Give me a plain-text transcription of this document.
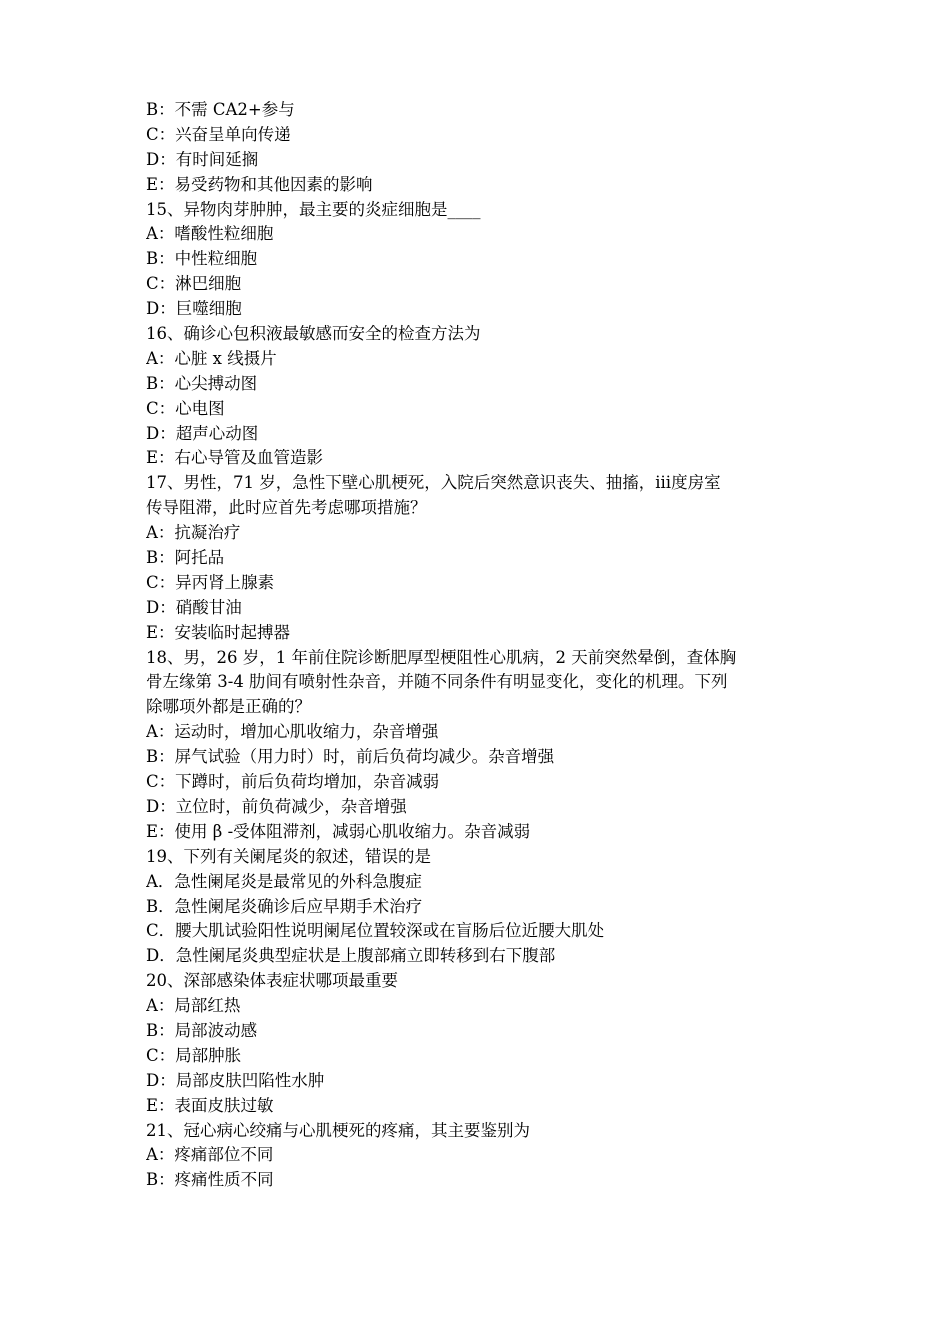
B：不需 CA2+参与
C：兴奋呈单向传递
D：有时间延搁
E：易受药物和其他因素的影响
15、异物肉芽肿肿，最主要的炎症细胞是____
A：嗜酸性粒细胞
B：中性粒细胞
C：淋巴细胞
D：巨噬细胞
16、确诊心包积液最敏感而安全的检查方法为
A：心脏 x 线摄片
B：心尖搏动图
C：心电图
D：超声心动图
E：右心导管及血管造影
17、男性，71 岁，急性下壁心肌梗死，入院后突然意识丧失、抽搐，iii度房室
传导阻滞，此时应首先考虑哪项措施？
A：抗凝治疗
B：阿托品
C：异丙肾上腺素
D：硝酸甘油
E：安装临时起搏器
18、男，26 岁，1 年前住院诊断肥厚型梗阻性心肌病，2 天前突然晕倒，查体胸
骨左缘第 3-4 肋间有喷射性杂音，并随不同条件有明显变化，变化的机理。下列
除哪项外都是正确的？
A：运动时，增加心肌收缩力，杂音增强
B：屏气试验（用力时）时，前后负荷均减少。杂音增强
C：下蹲时，前后负荷均增加，杂音减弱
D：立位时，前负荷减少，杂音增强
E：使用 β -受体阻滞剂，减弱心肌收缩力。杂音减弱
19、下列有关阑尾炎的叙述，错误的是
A．急性阑尾炎是最常见的外科急腹症
B．急性阑尾炎确诊后应早期手术治疗
C．腰大肌试验阳性说明阑尾位置较深或在盲肠后位近腰大肌处
D．急性阑尾炎典型症状是上腹部痛立即转移到右下腹部
20、深部感染体表症状哪项最重要
A：局部红热
B：局部波动感
C：局部肿胀
D：局部皮肤凹陷性水肿
E：表面皮肤过敏
21、冠心病心绞痛与心肌梗死的疼痛，其主要鉴别为
A：疼痛部位不同
B：疼痛性质不同
